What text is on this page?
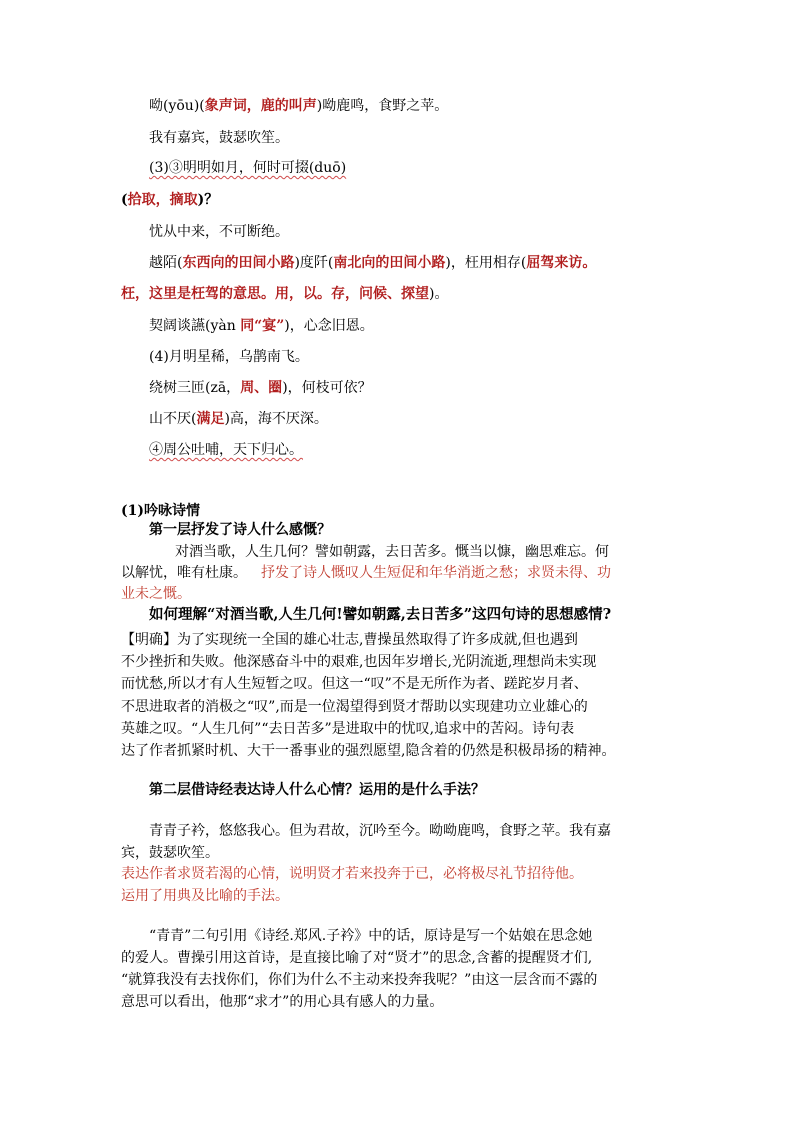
呦(yōu)(象声词，鹿的叫声)呦鹿鸣，食野之苹。
我有嘉宾，鼓瑟吹笙。
(3)③明明如月，何时可掇(duō)
(拾取，摘取)？
忧从中来，不可断绝。
越陌(东西向的田间小路)度阡(南北向的田间小路)，枉用相存(屈驾来访。
枉，这里是枉驾的意思。用，以。存，问候、探望)。
契阔谈讌(yàn 同“宴”)，心念旧恩。
(4)月明星稀，乌鹊南飞。
绕树三匝(zā，周、圈)，何枝可依？
山不厌(满足)高，海不厌深。
④周公吐哺，天下归心。
(1)吟咏诗情
第一层抒发了诗人什么感慨？
对酒当歌，人生几何？譬如朝露，去日苦多。慨当以慷，幽思难忘。何
以解忧，唯有杜康。 抒发了诗人慨叹人生短促和年华消逝之愁；求贤未得、功
业未之慨。
如何理解“对酒当歌,人生几何!譬如朝露,去日苦多”这四句诗的思想感情?
【明确】为了实现统一全国的雄心壮志,曹操虽然取得了许多成就,但也遇到
不少挫折和失败。他深感奋斗中的艰难,也因年岁增长,光阴流逝,理想尚未实现
而忧愁,所以才有人生短暂之叹。但这一“叹”不是无所作为者、蹉跎岁月者、
不思进取者的消极之“叹”,而是一位渴望得到贤才帮助以实现建功立业雄心的
英雄之叹。“人生几何”“去日苦多”是进取中的忧叹,追求中的苦闷。诗句表
达了作者抓紧时机、大干一番事业的强烈愿望,隐含着的仍然是积极昂扬的精神。
第二层借诗经表达诗人什么心情？运用的是什么手法？
青青子衿，悠悠我心。但为君故，沉吟至今。呦呦鹿鸣，食野之苹。我有嘉
宾，鼓瑟吹笙。
表达作者求贤若渴的心情，说明贤才若来投奔于已，必将极尽礼节招待他。
运用了用典及比喻的手法。
“青青”二句引用《诗经.郑风.子衿》中的话，原诗是写一个姑娘在思念她
的爱人。曹操引用这首诗，是直接比喻了对“贤才”的思念,含蓄的提醒贤才们,
“就算我没有去找你们，你们为什么不主动来投奔我呢？”由这一层含而不露的
意思可以看出，他那“求才”的用心具有感人的力量。
